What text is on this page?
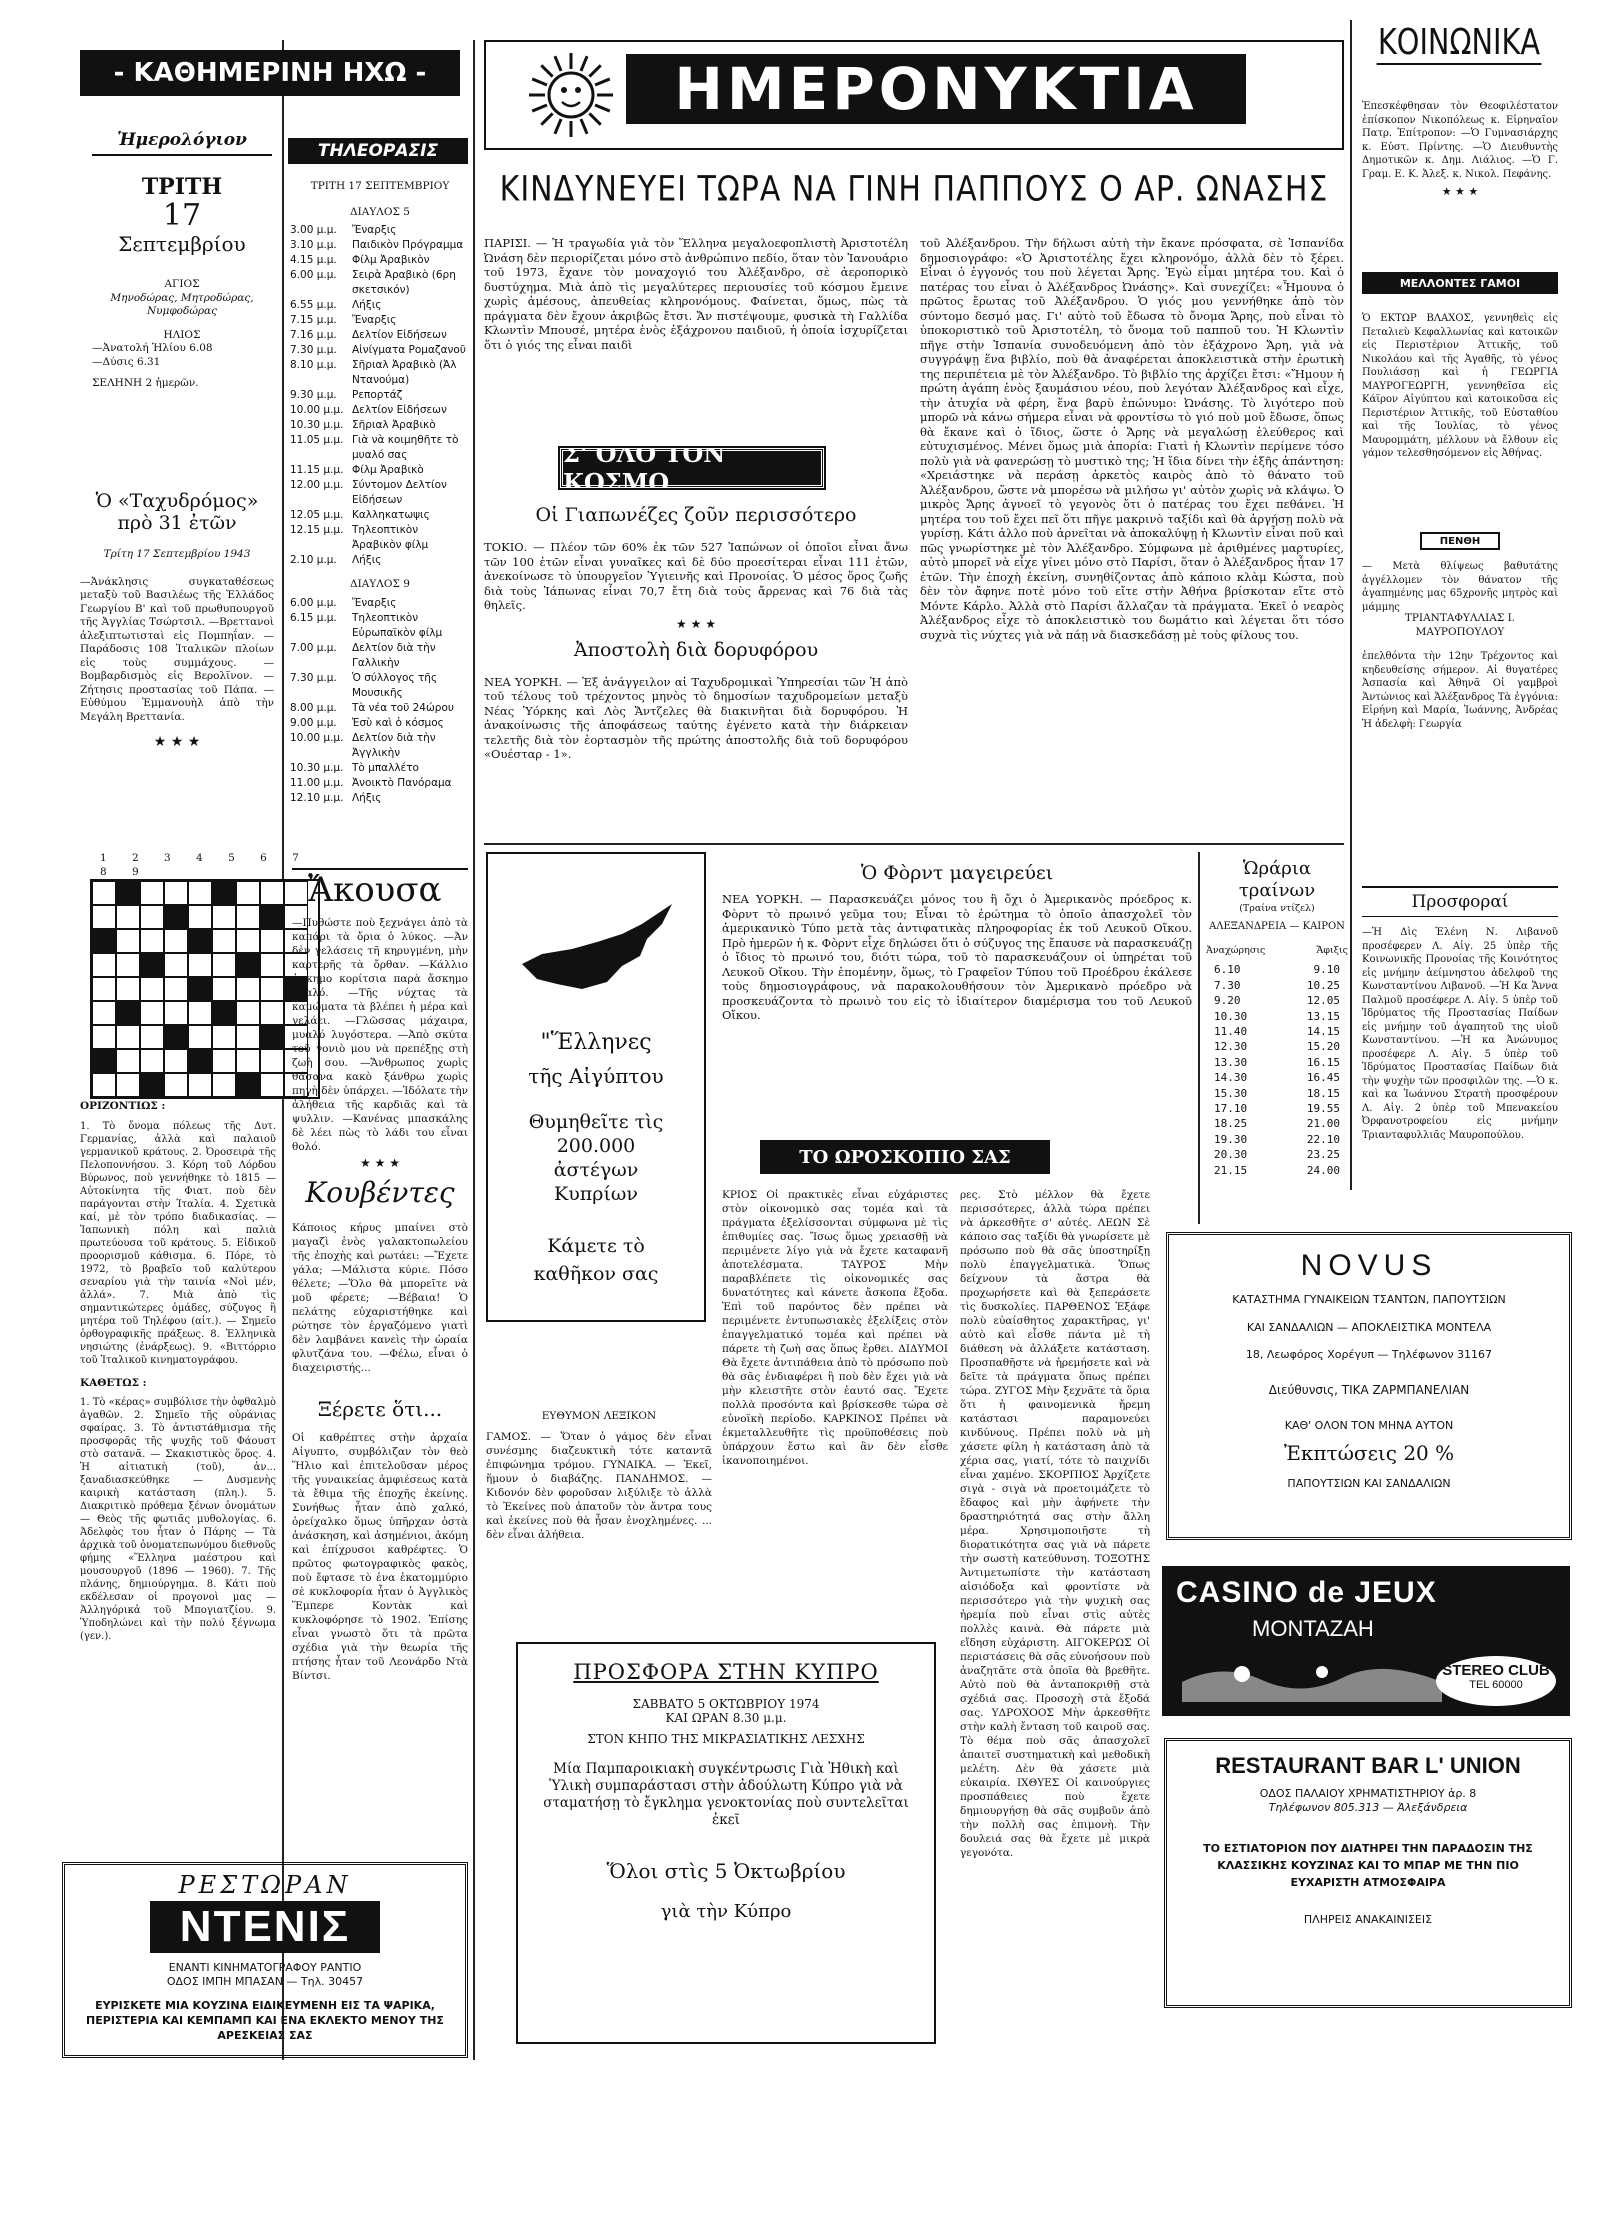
- ΚΑΘΗΜΕΡΙΝΗ ΗΧΩ -
Ἡμερολόγιον
ΤΡΙΤΗ
17
Σεπτεμβρίου
ΑΓΙΟΣ
Μηνοδώρας, Μητροδώρας, Νυμφοδώρας
ΗΛΙΟΣ
—Ἀνατολή Ἡλίου 6.08
—Δύσις 6.31
ΣΕΛΗΝΗ 2 ἡμερῶν.
Ὁ «Ταχυδρόμος» πρὸ 31 ἐτῶν
Τρίτη 17 Σεπτεμβρίου 1943

—Ἀνάκλησις συγκαταθέσεως μεταξὺ τοῦ Βασιλέως τῆς Ἑλλάδος Γεωργίου Β' καὶ τοῦ πρωθυπουργοῦ τῆς Ἀγγλίας Τσώρτσιλ. —Βρεττανοὶ ἀλεξιπτωτισταὶ εἰς Πομπηΐαν. —Παράδοσις 108 Ἰταλικῶν πλοίων εἰς τοὺς συμμάχους. —Βομβαρδισμὸς εἰς Βερολῖνον. —Ζήτησις προστασίας τοῦ Πάπα. —Εὐθύμου Ἐμμανουὴλ ἀπὸ τὴν Μεγάλη Βρεττανία.

★ ★ ★
1 2 3 4 5 6 7 8 9
ΟΡΙΖΟΝΤΙΩΣ :

1. Τὸ ὄνομα πόλεως τῆς Δυτ. Γερμανίας, ἀλλὰ καὶ παλαιοῦ γερμανικοῦ κράτους. 2. Ὀροσειρὰ τῆς Πελοποννήσου. 3. Κόρη τοῦ Λόρδου Βύρωνος, ποὺ γεννήθηκε τὸ 1815 — Αὐτοκίνητα τῆς Φιατ. ποὺ δὲν παράγονται στὴν Ἰταλία. 4. Σχετικὰ καί, μὲ τὸν τρόπο διαδικασίας. — Ἰαπωνικὴ πόλη καὶ παλιὰ πρωτεύουσα τοῦ κράτους. 5. Εἰδικοῦ προορισμοῦ κάθισμα. 6. Πόρε, τὸ 1972, τὸ βραβεῖο τοῦ καλύτερου σεναρίου γιὰ τὴν ταινία «Νοὶ μέν, ἀλλά». 7. Μιὰ ἀπὸ τὶς σημαντικώτερες ὁμάδες, σύζυγος ἢ μητέρα τοῦ Τηλέφου (αἰτ.). — Σημεῖο ὀρθογραφικῆς πράξεως. 8. Ἑλληνικὰ νησιώτης (ἐνάρξεως). 9. «Βιττόρριο τοῦ Ἰταλικοῦ κινηματογράφου.

ΚΑΘΕΤΩΣ :

1. Τὸ «κέρας» συμβόλισε τὴν ὀφθαλμὸ ἀγαθῶν. 2. Σημεῖο τῆς οὐράνιας σφαίρας. 3. Τὸ ἀντιστάθμισμα τῆς προσφορᾶς τῆς ψυχῆς τοῦ Φάουστ στὸ σατανᾶ. — Σκακιστικὸς ὅρος. 4. Ἡ αἰτιατικὴ (τοῦ), ἀν... ξαναδιασκεύθηκε — Δυσμενὴς καιρικὴ κατάσταση (πλη.). 5. Διακριτικὸ πρόθεμα ξένων ὀνομάτων — Θεὸς τῆς φωτιᾶς μυθολογίας. 6. Ἀδελφὸς του ἦταν ὁ Πάρης — Τὰ ἀρχικὰ τοῦ ὀνοματεπωνύμου διεθνοῦς φήμης «Ἕλληνα μαέστρου καὶ μουσουργοῦ (1896 — 1960). 7. Τῆς πλάνης, δημιούργημα. 8. Κάτι ποὺ εκδέλεσαν οἱ προγονοὶ μας — Ἀλληγόρικἀ τοῦ Μπογιατζίου. 9. Ὑποδηλώνει καὶ τὴν πολύ ξέγνωμα (γεν.).

ΤΗΛΕΟΡΑΣΙΣ
ΤΡΙΤΗ 17 ΣΕΠΤΕΜΒΡΙΟΥ
ΔΙΑΥΛΟΣ 5
3.00 μ.μ.	Ἔναρξις
3.10 μ.μ.	Παιδικὸν Πρόγραμμα
4.15 μ.μ.	Φίλμ Ἀραβικὸν
6.00 μ.μ.	Σειρὰ Ἀραβικὸ (6ρη σκετσικόν)
6.55 μ.μ.	Λήξις
7.15 μ.μ.	Ἔναρξις
7.16 μ.μ.	Δελτίον Εἰδήσεων
7.30 μ.μ.	Αἰνίγματα Ρομαζανοῦ
8.10 μ.μ.	Σῆριαλ Ἀραβικὸ (Ἀλ Ντανούμα)
9.30 μ.μ.	Ρεπορτάζ
10.00 μ.μ. Δελτίον Εἰδήσεων
10.30 μ.μ. Σῆριαλ Ἀραβικὸ
11.05 μ.μ. Γιὰ νὰ κοιμηθῆτε τὸ μυαλό σας
11.15 μ.μ. Φίλμ Ἀραβικὸ
12.00 μ.μ. Σύντομον Δελτίον Εἰδήσεων
12.05 μ.μ. Καλληκατωψις
12.15 μ.μ. Τηλεοπτικὸν Ἀραβικὸν φίλμ
2.10 μ.μ.	Λήξις
ΔΙΑΥΛΟΣ 9
6.00 μ.μ.	Ἔναρξις
6.15 μ.μ.	Τηλεοπτικὸν Εὐρωπαϊκὸν φίλμ
7.00 μ.μ.	Δελτίον διὰ τὴν Γαλλικὴν
7.30 μ.μ.	Ὁ σύλλογος τῆς Μουσικῆς
8.00 μ.μ.	Τὰ νέα τοῦ 24ώρου
9.00 μ.μ.	Ἐσὺ καὶ ὁ κόσμος
10.00 μ.μ. Δελτίον διὰ τὴν Ἀγγλικὴν
10.30 μ.μ. Τὸ μπαλλέτο
11.00 μ.μ. Ἀνοικτὸ Πανόραμα
12.10 μ.μ. Λήξις
Ἄκουσα

—Πυθώστε ποὺ ξεχνάγει ἀπὸ τὰ καπάρι τὰ ὄρια ὁ λύκος. —Ἀν δὲν γελάσεις τῆ κηρυγμένη, μὴν καρτερῆς τὰ ὄρθαν. —Κάλλιο ἀσκημο κορίτσια παρὰ ἄσκημο μυαλό. —Τῆς νύχτας τὰ καμώματα τὰ βλέπει ἡ μέρα καὶ γελάει. —Γλῶσσας μάχαιρα, μυαλό λυγόστερα. —Ἀπὸ σκύτα τοῦ γονιὸ μου νὰ πρεπέξῃς στὴ ζωὴ σου. —Ἄνθρωπος χωρὶς θάσανα κακὸ ξάνθρω χωρὶς πηγὴ δὲν ὑπάρχει. —Ἰδόλατε τὴν ἀλήθεια τῆς καρδιᾶς καὶ τὰ ψυλλιν. —Κανένας μπασκάλης δὲ λέει πὼς τὸ λάδι του εἶναι θολό.

★ ★ ★
Κουβέντες

Κάποιος κήρυς μπαίνει στὸ μαγαζὶ ἑνὸς γαλακτοπωλείου τῆς ἐποχὴς καὶ ρωτάει: —Ἔχετε γάλα; —Μάλιστα κύριε. Πόσο θέλετε; —Ὅλο θὰ μπορεῖτε νὰ μοῦ φέρετε; —Βέβαια! Ὁ πελάτης εὐχαριστήθηκε καὶ ρώτησε τὸν ἐργαζόμενο γιατὶ δὲν λαμβάνει κανεὶς τὴν ὡραία φλυτζάνα του. —Φέλω, εἶναι ὁ διαχειριστής...

Ξέρετε ὅτι...

Οἱ καθρέπτες στὴν ἀρχαία Αἰγυπτο, συμβόλιζαν τὸν θεὸ Ἥλιο καὶ ἐπιτελοῦσαν μέρος τῆς γυναικείας ἀμφιέσεως κατὰ τὰ ἔθιμα τῆς ἐποχῆς ἐκείνης. Συνήθως ἦταν ἀπὸ χαλκό, ὀρείχαλκο ὅμως ὑπῆρχαν ὁστὰ ἀνάσκηση, καὶ ἀσημένιοι, ἀκόμη καὶ ἐπίχρυσοι καθρέφτες. Ὁ πρῶτος φωτογραφικὸς φακὸς, ποὺ ἔφτασε τὸ ἐνα ἑκατομμύριο σὲ κυκλοφορία ἦταν ὁ Ἀγγλικὸς Ἕμπερε Κοντὰκ καὶ κυκλοφόρησε τὸ 1902. Ἐπίσης εἶναι γνωστὸ ὅτι τὰ πρῶτα σχέδια γιὰ τὴν θεωρία τῆς πτήσης ἦταν τοῦ Λεονάρδο Ντὰ Βίντσι.

ΗΜΕΡΟΝΥΚΤΙΑ
ΚΙΝΔΥΝΕΥΕΙ ΤΩΡΑ ΝΑ ΓΙΝΗ ΠΑΠΠΟΥΣ Ο ΑΡ. ΩΝΑΣΗΣ

ΠΑΡΙΣΙ. — Ἡ τραγωδία γιὰ τὸν Ἕλληνα μεγαλοεφοπλιστὴ Ἀριστοτέλη Ὠνάση δὲν περιορίζεται μόνο στὸ ἀνθρώπινο πεδίο, ὅταν τὸν Ἰανουάριο τοῦ 1973, ἔχανε τὸν μοναχογιό του Ἀλέξανδρο, σὲ ἀεροπορικὸ δυστύχημα. Μιὰ ἀπὸ τὶς μεγαλύτερες περιουσίες τοῦ κόσμου ἔμεινε χωρὶς ἀμέσους, ἀπευθείας κληρονόμους. Φαίνεται, ὅμως, πὼς τὰ πράγματα δὲν ἔχουν ἀκριβῶς ἔτσι. Ἄν πιστέψουμε, φυσικὰ τὴ Γαλλίδα Κλωντὶν Μπουσέ, μητέρα ἑνὸς ἐξάχρονου παιδιοῦ, ἡ ὁποία ἰσχυρίζεται ὅτι ὁ γιός της εἶναι παιδὶ

τοῦ Ἀλέξανδρου. Τὴν δήλωσι αὐτὴ τὴν ἔκανε πρόσφατα, σὲ Ἰσπανίδα δημοσιογράφο: «Ὁ Ἀριστοτέλης ἔχει κληρονόμο, ἀλλὰ δὲν τὸ ξέρει. Εἶναι ὁ ἐγγονός του ποὺ λέγεται Ἄρης. Ἐγὼ εἶμαι μητέρα του. Καὶ ὁ πατέρας του εἶναι ὁ Ἀλέξανδρος Ὠνάσης». Καὶ συνεχίζει: «Ἦμουνα ὁ πρῶτος ἔρωτας τοῦ Ἀλέξανδρου. Ὁ γιός μου γεννήθηκε ἀπὸ τὸν σύντομο δεσμό μας. Γι' αὐτὸ τοῦ ἔδωσα τὸ ὄνομα Ἄρης, ποὺ εἶναι τὸ ὑποκοριστικὸ τοῦ Ἀριστοτέλη, τὸ ὄνομα τοῦ παπποῦ του. Ἡ Κλωντὶν πῆγε στὴν Ἰσπανία συνοδευόμενη ἀπὸ τὸν ἑξάχρονο Ἄρη, γιὰ νὰ συγγράψῃ ἕνα βιβλίο, ποὺ θὰ ἀναφέρεται ἀποκλειστικὰ στὴν ἐρωτικὴ της περιπέτεια μὲ τὸν Ἀλέξανδρο. Τὸ βιβλίο της ἀρχίζει ἔτσι: «Ἤμουν ἡ πρώτη ἀγάπη ἑνὸς ξαυμάσιου νέου, ποὺ λεγόταν Ἀλέξανδρος καὶ εἶχε, τὴν ἀτυχία νὰ φέρη, ἕνα βαρὺ ἐπώνυμο: Ὠνάσης. Τὸ λιγότερο ποὺ μπορῶ νὰ κάνω σήμερα εἶναι νὰ φροντίσω τὸ γιό ποὺ μοῦ ἔδωσε, ὅπως θὰ ἔκανε καὶ ὁ ἴδιος, ὥστε ὁ Ἄρης νὰ μεγαλώσῃ ἐλεύθερος καὶ εὐτυχισμένος. Μένει ὅμως μιὰ ἀπορία: Γιατὶ ἡ Κλωντὶν περίμενε τόσο πολὺ γιὰ νὰ φανερώσῃ τὸ μυστικὸ της; Ἡ ἴδια δίνει τὴν ἑξῆς ἀπάντηση: «Χρειάστηκε νὰ περάσῃ ἀρκετὸς καιρὸς ἀπὸ τὸ θάνατο τοῦ Ἀλέξανδρου, ὥστε νὰ μπορέσω νὰ μιλήσω γι' αὐτὸν χωρὶς νὰ κλάψω. Ὁ μικρὸς Ἄρης ἀγνοεῖ τὸ γεγονὸς ὅτι ὁ πατέρας του ἔχει πεθάνει. Ἡ μητέρα του τοῦ ἔχει πεῖ ὅτι πῆγε μακρινὸ ταξίδι καὶ θὰ ἀργήσῃ πολὺ νὰ γυρίσῃ. Κάτι ἀλλο ποὺ ἀρνεῖται νὰ ἀποκαλύψῃ ἡ Κλωντὶν εἶναι ποῦ καὶ πῶς γνωρίστηκε μὲ τὸν Ἀλέξανδρο. Σύμφωνα μὲ ἀριθμένες μαρτυρίες, αὐτὸ μπορεῖ νὰ εἶχε γίνει μόνο στὸ Παρίσι, ὅταν ὁ Ἀλέξανδρος ἦταν 17 ἐτῶν. Τὴν ἐποχὴ ἐκείνη, συνηθίζοντας ἀπὸ κάποιο κλὰμ Κώστα, ποὺ δὲν τὸν ἄφηνε ποτὲ μόνο τοῦ εἴτε στὴν Ἀθήνα βρίσκοταν εἴτε στὸ Μόντε Κάρλο. Ἀλλὰ στὸ Παρίσι ἄλλαζαν τὰ πράγματα. Ἐκεῖ ὁ νεαρὸς Ἀλέξανδρος εἶχε τὸ ἀποκλειστικὸ του δωμάτιο καὶ λέγεται ὅτι τόσο συχνὰ τὶς νύχτες γιὰ νὰ πάῃ νὰ διασκεδάσῃ μὲ τοὺς φίλους του.

Σ' ΟΛΟ ΤΟΝ ΚΟΣΜΟ
Οἱ Γιαπωνέζες ζοῦν περισσότερο

ΤΟΚΙΟ. — Πλέον τῶν 60% ἐκ τῶν 527 Ἰαπώνων οἱ ὁποῖοι εἶναι ἄνω τῶν 100 ἐτῶν εἶναι γυναῖκες καὶ δὲ δύο προεσίτεραι εἶναι 111 ἐτῶν, ἀνεκοίνωσε τὸ ὑπουργεῖον Ὑγιεινῆς καὶ Προνοίας. Ὁ μέσος ὅρος ζωῆς διὰ τοὺς Ἰάπωνας εἶναι 70,7 ἔτη διὰ τοὺς ἄρρενας καὶ 76 διὰ τὰς θηλεῖς.

★ ★ ★
Ἀποστολὴ διὰ δορυφόρου

ΝΕΑ ΥΟΡΚΗ. — Ἐξ ἀνάγγειλον αἱ Ταχυδρομικαὶ Ὑπηρεσίαι τῶν Ἡ ἀπὸ τοῦ τέλους τοῦ τρέχοντος μηνὸς τὸ δημοσίων ταχυδρομείων μεταξὺ Νέας Ὑόρκης καὶ Λὸς Ἄντζελες θὰ διακινῆται διὰ δορυφόρου. Ἡ ἀνακοίνωσις τῆς ἀποφάσεως ταύτης ἐγένετο κατὰ τὴν διάρκειαν τελετῆς διὰ τὸν ἑορτασμὸν τῆς πρώτης ἀποστολῆς διὰ τοῦ δορυφόρου «Ουέσταρ - 1».

"Ἕλληνες
τῆς Αἰγύπτου
Θυμηθεῖτε τὶς 200.000 ἀστέγων Κυπρίων
Κάμετε τὸ καθῆκον σας
Ὁ Φὸρντ μαγειρεύει

ΝΕΑ ΥΟΡΚΗ. — Παρασκευάζει μόνος του ἢ ὄχι ὁ Ἀμερικανὸς πρόεδρος κ. Φὸρντ τὸ πρωινό γεῦμα του; Εἶναι τὸ ἐρώτημα τὸ ὁποῖο ἀπασχολεῖ τὸν ἀμερικανικὸ Τύπο μετὰ τὰς ἀντιφατικὰς πληροφορίας ἐκ τοῦ Λευκοῦ Οἴκου. Πρὸ ἡμερῶν ἡ κ. Φὸρντ εἶχε δηλώσει ὅτι ὁ σύζυγος της ἔπαυσε νὰ παρασκευάζῃ ὁ ἴδιος τὸ πρωινό του, διότι τώρα, τοῦ τὸ παρασκευάζουν οἱ ὑπηρέται τοῦ Λευκοῦ Οἴκου. Τὴν ἑπομένην, ὅμως, τὸ Γραφεῖον Τύπου τοῦ Προέδρου ἐκάλεσε τοὺς δημοσιογράφους, νὰ παρακολουθήσουν τὸν Ἀμερικανὸ πρόεδρο νὰ προσκευάζοντα τὸ πρωινὸ του εἰς τὸ ἰδιαίτερον διαμέρισμα του τοῦ Λευκοῦ Οἴκου.

Ὡράρια τραίνων
(Τραίνα ντίζελ)
ΑΛΕΞΑΝΔΡΕΙΑ — ΚΑΙΡΟΝ
Ἀναχώρησις	Ἄφιξις
6.10	9.10
7.30	10.25
9.20	12.05
10.30	13.15
11.40	14.15
12.30	15.20
13.30	16.15
14.30	16.45
15.30	18.15
17.10	19.55
18.25	21.00
19.30	22.10
20.30	23.25
21.15	24.00
ΤΟ ΩΡΟΣΚΟΠΙΟ ΣΑΣ

ΚΡΙΟΣ Οἱ πρακτικὲς εἶναι εὐχάριστες στὸν οἰκονομικὸ σας τομέα καὶ τὰ πράγματα ἐξελίσσονται σύμφωνα μὲ τὶς ἐπιθυμίες σας. Ἴσως ὅμως χρειασθῇ νὰ περιμένετε λίγο γιὰ νὰ ἔχετε καταφανῆ ἀποτελέσματα. ΤΑΥΡΟΣ Μὴν παραβλέπετε τὶς οἰκονομικές σας δυνατότητες καὶ κάνετε ἄσκοπα ἔξοδα. Ἐπὶ τοῦ παρόντος δὲν πρέπει νὰ περιμένετε ἐντυπωσιακὲς ἐξελίξεις στὸν ἐπαγγελματικό τομέα καὶ πρέπει νὰ πάρετε τὴ ζωὴ σας ὅπως ἔρθει. ΔΙΔΥΜΟΙ Θὰ ἔχετε ἀντιπάθεια ἀπὸ τὸ πρόσωπο ποὺ θὰ σᾶς ἐνδιαφέρει ἢ ποὺ δὲν ἔχει γιὰ νὰ μὴν κλειστῆτε στὸν ἑαυτό σας. Ἔχετε πολλὰ προσόντα καὶ βρίσκεσθε τώρα σὲ εὐνοϊκὴ περίοδο. ΚΑΡΚΙΝΟΣ Πρέπει νὰ ἐκμεταλλευθῆτε τὶς προϋποθέσεις ποὺ ὑπάρχουν ἔστω καὶ ἂν δὲν εἶσθε ἱκανοποιημένοι.

ρες. Στὸ μέλλον θὰ ἔχετε περισσότερες, ἀλλὰ τώρα πρέπει νὰ ἀρκεσθῆτε σ' αὐτές. ΛΕΩΝ Σὲ κάποιο σας ταξίδι θὰ γνωρίσετε μὲ πρόσωπο ποὺ θὰ σᾶς ὑποστηρίξῃ πολὺ ἐπαγγελματικὰ. Ὅπως δείχνουν τὰ ἄστρα θὰ προχωρήσετε καὶ θὰ ξεπεράσετε τὶς δυσκολίες. ΠΑΡΘΕΝΟΣ Ἐξάφε πολὺ εὐαίσθητος χαρακτῆρας, γι' αὐτὸ καὶ εἶσθε πάντα μὲ τὴ διάθεση νὰ ἀλλάξετε κατάσταση. Προσπαθῆστε νὰ ἠρεμήσετε καὶ νὰ δεῖτε τὰ πράγματα ὅπως πρέπει τώρα. ΖΥΓΟΣ Μὴν ξεχνᾶτε τὰ ὅρια ὅτι ἡ φαινομενικὰ ἤρεμη κατάστασι παραμονεύει κινδύνους. Πρέπει πολὺ νὰ μὴ χάσετε φίλη ἡ κατάσταση ἀπὸ τὰ χέρια σας, γιατί, τότε τὸ παιχνίδι εἶναι χαμένο. ΣΚΟΡΠΙΟΣ Ἀρχίζετε σιγὰ - σιγὰ νὰ προετοιμάζετε τὸ ἔδαφος καὶ μὴν ἀφήνετε τὴν δραστηριότητά σας στὴν ἄλλη μέρα. Χρησιμοποιῆστε τὴ διορατικότητα σας γιὰ νὰ πάρετε τὴν σωστὴ κατεύθυνση. ΤΟΞΟΤΗΣ Ἀντιμετωπίστε τὴν κατάσταση αἰσιόδοξα καὶ φροντίστε νὰ περισσότερο γιὰ τὴν ψυχικὴ σας ἠρεμία ποὺ εἶναι στὶς αὐτὲς πολλὲς καινὰ. Θὰ πάρετε μιὰ εἴδηση εὐχάριστη. ΑΙΓΟΚΕΡΩΣ Οἱ περιστάσεις θὰ σᾶς εὐνοήσουν ποὺ ἀναζητᾶτε στὰ ὁποῖα θὰ βρεθῆτε. Αὐτὸ ποὺ θὰ ἀνταποκριθῇ στὰ σχέδιά σας. Προσοχὴ στὰ ἔξοδά σας. ΥΔΡΟΧΟΟΣ Μὴν ἀρκεσθῆτε στὴν καλὴ ἔνταση τοῦ καιροῦ σας. Τὸ θέμα ποὺ σᾶς ἀπασχολεῖ ἀπαιτεῖ συστηματικὴ καὶ μεθοδικὴ μελέτη. Δὲν θὰ χάσετε μιὰ εὐκαιρία. ΙΧΘΥΕΣ Οἱ καινούργιες προσπάθειες ποὺ ἔχετε δημιουργήσῃ θὰ σᾶς συμβοῦν ἀπὸ τὴν πολλὴ σας ἐπιμονὴ. Τὴν δουλειά σας θὰ ἔχετε μὲ μικρὰ γεγονότα.

ΕΥΘΥΜΟΝ ΛΕΞΙΚΟΝ

ΓΑΜΟΣ. — Ὅταν ὁ γάμος δὲν εἶναι συνέσμης διαζευκτικὴ τότε καταντᾶ ἐπιφώνημα τρόμου. ΓΥΝΑΙΚΑ. — Ἐκεῖ, ἥμουν ὁ διαβάζης. ΠΑΝΔΗΜΟΣ. — Κιδονόν δὲν φοροῦσαν λιξύλιξε τὸ ἀλλὰ τὸ Ἐκείνες ποὺ ἀπατοῦν τὸν ἄντρα τους καὶ ἐκείνες ποὺ θὰ ἦσαν ἐνοχλημένες. ... δὲν εἶναι ἀλήθεια.

ΠΡΟΣΦΟΡΑ ΣΤΗΝ ΚΥΠΡΟ
ΣΑΒΒΑΤΟ 5 ΟΚΤΩΒΡΙΟΥ 1974
ΚΑΙ ΩΡΑΝ 8.30 μ.μ.
ΣΤΟΝ ΚΗΠΟ ΤΗΣ ΜΙΚΡΑΣΙΑΤΙΚΗΣ ΛΕΣΧΗΣ

Μία Παμπαροικιακὴ συγκέντρωσις Γιὰ Ἠθικὴ καὶ Ὑλικὴ συμπαράστασι στὴν ἀδούλωτη Κύπρο γιὰ νὰ σταματήσῃ τὸ ἔγκλημα γενοκτονίας ποὺ συντελεῖται ἐκεῖ

Ὅλοι στὶς 5 Ὀκτωβρίου
γιὰ τὴν Κύπρο
ΚΟΙΝΩΝΙΚΑ

Ἐπεσκέφθησαν τὸν Θεοφιλέστατον ἐπίσκοπον Νικοπόλεως κ. Εἰρηναῖον Πατρ. Ἐπίτροπον: —Ὁ Γυμνασιάρχης κ. Εὐστ. Πρίντης. —Ὁ Διευθυντὴς Δημοτικῶν κ. Δημ. Λιάλιος. —Ὁ Γ. Γραμ. Ε. Κ. Ἀλεξ. κ. Νικολ. Πεφάνης.

★ ★ ★
ΜΕΛΛΟΝΤΕΣ ΓΑΜΟΙ

Ὁ ΕΚΤΩΡ ΒΛΑΧΟΣ, γεννηθεὶς εἰς Πεταλιεὺ Κεφαλλωνίας καὶ κατοικῶν εἰς Περιστέριον Ἀττικῆς, τοῦ Νικολάου καὶ τῆς Ἀγαθῆς, τὸ γένος Πουλιάσσῃ καὶ ἡ ΓΕΩΡΓΙΑ ΜΑΥΡΟΓΕΩΡΓΗ, γεννηθεῖσα εἰς Κάϊρον Αἰγύπτου καὶ κατοικοῦσα εἰς Περιστέριον Ἀττικῆς, τοῦ Εὐσταθίου καὶ τῆς Ἰουλίας, τὸ γένος Μαυρομμάτη, μέλλουν νὰ ἔλθουν εἰς γάμον τελεσθησόμενον εἰς Ἀθήνας.

ΠΕΝΘΗ

— Μετὰ θλίψεως βαθυτάτης ἀγγέλλομεν τὸν θάνατον τῆς ἀγαπημένης μας 65χρονῆς μητρὸς καὶ μάμμης

ΤΡΙΑΝΤΑΦΥΛΛΙΑΣ Ι. ΜΑΥΡΟΠΟΥΛΟΥ

ἐπελθόντα τὴν 12ην Τρέχοντος καὶ κηδευθείσης σήμερον. Αἱ θυγατέρες Ἀσπασία καὶ Ἀθηνᾶ Οἱ γαμβροὶ Ἀντώνιος καὶ Ἀλέξανδρος Τὰ ἐγγόνια: Εἰρήνη καὶ Μαρία, Ἰωάννης, Ἀνδρέας Ἡ ἀδελφὴ: Γεωργία

Προσφοραί

—Ἡ Δὶς Ἑλένη Ν. Λιβανοῦ προσέφερεν Λ. Αἰγ. 25 ὑπὲρ τῆς Κοινωνικῆς Προνοίας τῆς Κοινότητος εἰς μνήμην ἀείμνηστου ἀδελφοῦ της Κωνσταντίνου Λιβανοῦ. —Ἡ Κα Ἄννα Παλμοῦ προσέφερε Λ. Αἰγ. 5 ὑπὲρ τοῦ Ἱδρύματος τῆς Προστασίας Παίδων εἰς μνήμην τοῦ ἀγαπητοῦ της υἱοῦ Κωνσταντίνου. —Ἡ κα Ἀνώνυμος προσέφερε Λ. Αἰγ. 5 ὑπὲρ τοῦ Ἱδρύματος Προστασίας Παίδων διὰ τὴν ψυχὴν τῶν προσφιλῶν της. —Ὁ κ. καὶ κα Ἰωάννου Στρατὴ προσφέρουν Λ. Αἰγ. 2 ὑπὲρ τοῦ Μπενακείου Ὀρφανοτροφείου εἰς μνήμην Τριανταφυλλιᾶς Μαυροπούλου.

NOVUS
ΚΑΤΑΣΤΗΜΑ ΓΥΝΑΙΚΕΙΩΝ ΤΣΑΝΤΩΝ, ΠΑΠΟΥΤΣΙΩΝ
ΚΑΙ ΣΑΝΔΑΛΙΩΝ — ΑΠΟΚΛΕΙΣΤΙΚΑ ΜΟΝΤΕΛΑ
18, Λεωφόρος Χορέγυπ — Τηλέφωνον 31167
Διεύθυνσις, ΤΙΚΑ ΖΑΡΜΠΑΝΕΛΙΑΝ
ΚΑΘ' ΟΛΟΝ ΤΟΝ ΜΗΝΑ ΑΥΤΟΝ
Ἐκπτώσεις 20 %
ΠΑΠΟΥΤΣΙΩΝ ΚΑΙ ΣΑΝΔΑΛΙΩΝ
CASINO de JEUX
ΜΟΝΤΑΖΑΗ
STEREO CLUB
TEL 60000
RESTAURANT BAR L' UNION
ΟΔΟΣ ΠΑΛΑΙΟΥ ΧΡΗΜΑΤΙΣΤΗΡΙΟΥ ἀρ. 8
Τηλέφωνον 805.313 — Ἀλεξάνδρεια

ΤΟ ΕΣΤΙΑΤΟΡΙΟΝ ΠΟΥ ΔΙΑΤΗΡΕΙ ΤΗΝ ΠΑΡΑΔΟΣΙΝ ΤΗΣ ΚΛΑΣΣΙΚΗΣ ΚΟΥΖΙΝΑΣ ΚΑΙ ΤΟ ΜΠΑΡ ΜΕ ΤΗΝ ΠΙΟ ΕΥΧΑΡΙΣΤΗ ΑΤΜΟΣΦΑΙΡΑ

ΠΛΗΡΕΙΣ ΑΝΑΚΑΙΝΙΣΕΙΣ
ΡΕΣΤΩΡΑΝ
ΝΤΕΝΙΣ
ΕΝΑΝΤΙ ΚΙΝΗΜΑΤΟΓΡΑΦΟΥ ΡΑΝΤΙΟ
ΟΔΟΣ ΙΜΠΗ ΜΠΑΣΑΝ — Τηλ. 30457

ΕΥΡΙΣΚΕΤΕ ΜΙΑ ΚΟΥΖΙΝΑ ΕΙΔΙΚΕΥΜΕΝΗ ΕΙΣ ΤΑ ΨΑΡΙΚΑ, ΠΕΡΙΣΤΕΡΙΑ ΚΑΙ ΚΕΜΠΑΜΠ ΚΑΙ ΕΝΑ ΕΚΛΕΚΤΟ ΜΕΝΟΥ ΤΗΣ ΑΡΕΣΚΕΙΑΣ ΣΑΣ
